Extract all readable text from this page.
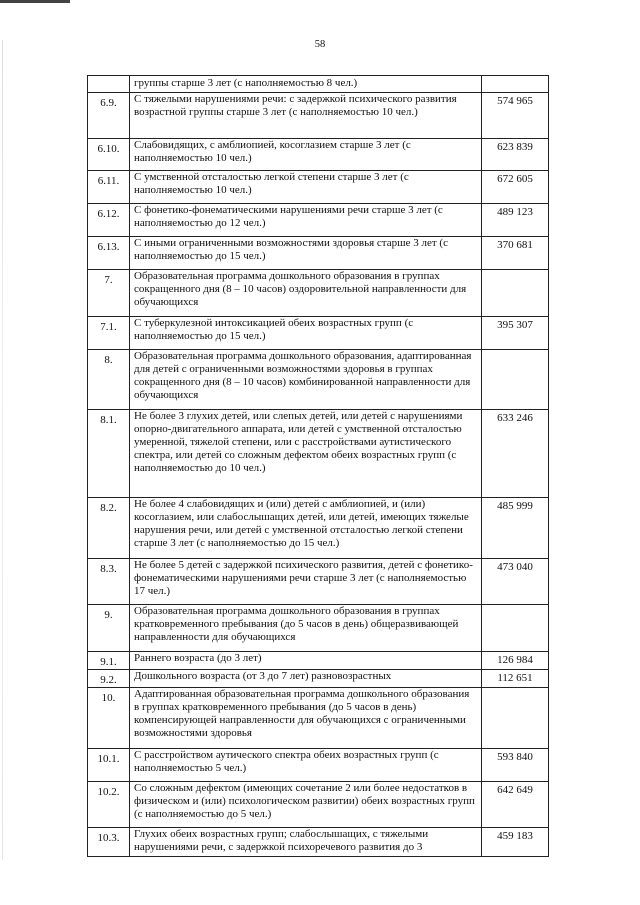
58
	группы старше 3 лет (с наполняемостью 8 чел.)	
6.9.	С тяжелыми нарушениями речи: с задержкой психического развития возрастной группы старше 3 лет (с наполняемостью 10 чел.)	574 965
6.10.	Слабовидящих, с амблиопией, косоглазием старше 3 лет (с наполняемостью 10 чел.)	623 839
6.11.	С умственной отсталостью легкой степени старше 3 лет (с наполняемостью 10 чел.)	672 605
6.12.	С фонетико-фонематическими нарушениями речи старше 3 лет (с наполняемостью до 12 чел.)	489 123
6.13.	С иными ограниченными возможностями здоровья старше 3 лет (с наполняемостью до 15 чел.)	370 681
7.	Образовательная программа дошкольного образования в группах сокращенного дня (8 – 10 часов) оздоровительной направленности для обучающихся	
7.1.	С туберкулезной интоксикацией обеих возрастных групп (с наполняемостью до 15 чел.)	395 307
8.	Образовательная программа дошкольного образования, адаптированная для детей с ограниченными возможностями здоровья в группах сокращенного дня (8 – 10 часов) комбинированной направленности для обучающихся	
8.1.	Не более 3 глухих детей, или слепых детей, или детей с нарушениями опорно-двигательного аппарата, или детей с умственной отсталостью умеренной, тяжелой степени, или с расстройствами аутистического спектра, или детей со сложным дефектом обеих возрастных групп (с наполняемостью до 10 чел.)	633 246
8.2.	Не более 4 слабовидящих и (или) детей с амблиопией, и (или) косоглазием, или слабослышащих детей, или детей, имеющих тяжелые нарушения речи, или детей с умственной отсталостью легкой степени старше 3 лет (с наполняемостью до 15 чел.)	485 999
8.3.	Не более 5 детей с задержкой психического развития, детей с фонетико-фонематическими нарушениями речи старше 3 лет (с наполняемостью 17 чел.)	473 040
9.	Образовательная программа дошкольного образования в группах кратковременного пребывания (до 5 часов в день) общеразвивающей направленности для обучающихся	
9.1.	Раннего возраста (до 3 лет)	126 984
9.2.	Дошкольного возраста (от 3 до 7 лет) разновозрастных	112 651
10.	Адаптированная образовательная программа дошкольного образования в группах кратковременного пребывания (до 5 часов в день) компенсирующей направленности для обучающихся с ограниченными возможностями здоровья	
10.1.	С расстройством аутического спектра обеих возрастных групп (с наполняемостью 5 чел.)	593 840
10.2.	Со сложным дефектом (имеющих сочетание 2 или более недостатков в физическом и (или) психологическом развитии) обеих возрастных групп (с наполняемостью до 5 чел.)	642 649
10.3.	Глухих обеих возрастных групп; слабослышащих, с тяжелыми нарушениями речи, с задержкой психоречевого развития до 3	459 183
